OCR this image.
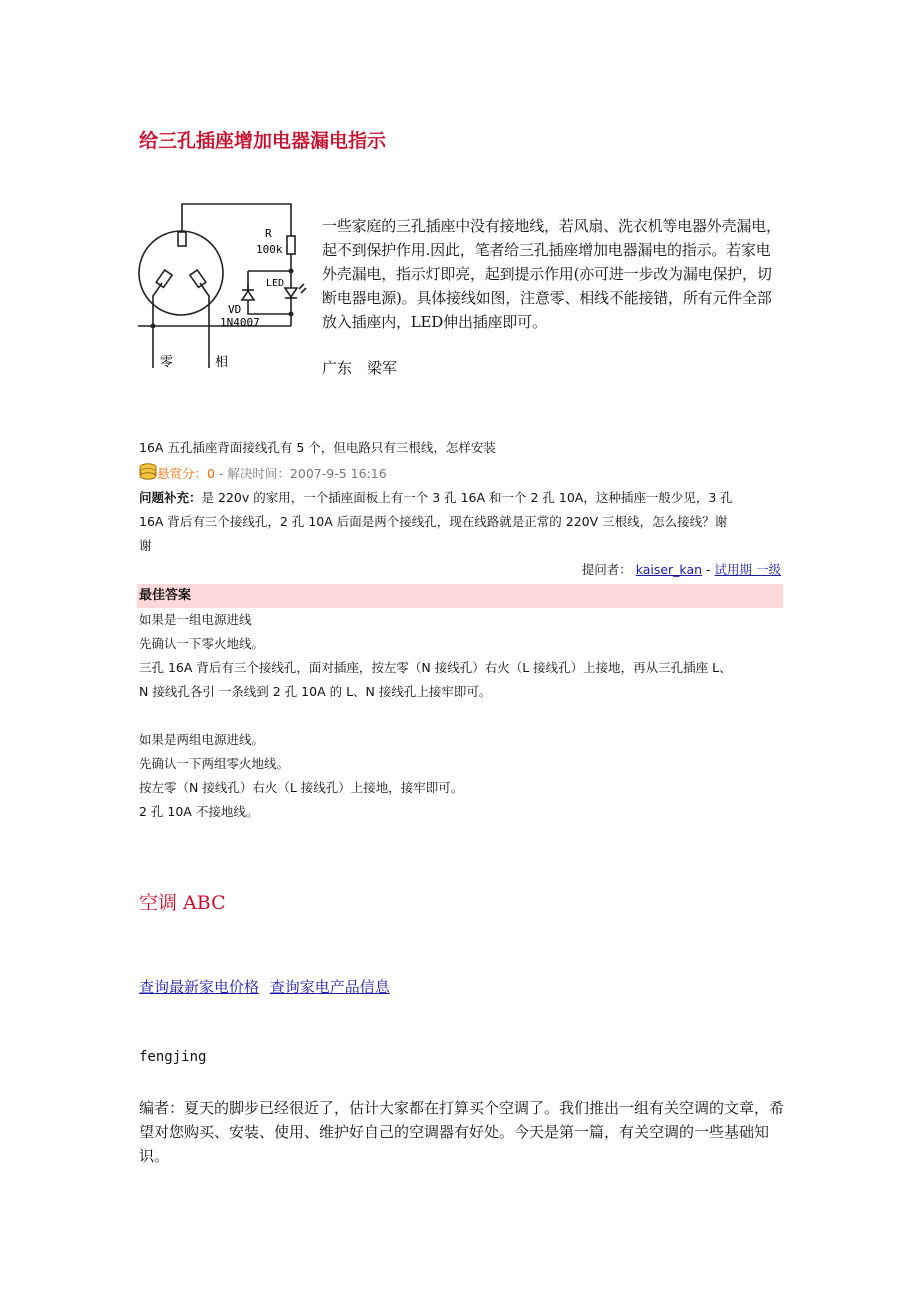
给三孔插座增加电器漏电指示
R
100k
LED
VD
1N4007
零	相
一些家庭的三孔插座中没有接地线，若风扇、洗衣机等电器外壳漏电，起不到保护作用.因此，笔者给三孔插座增加电器漏电的指示。若家电外壳漏电，指示灯即亮，起到提示作用(亦可进一步改为漏电保护，切断电器电源)。具体接线如图，注意零、相线不能接错，所有元件全部放入插座内，LED伸出插座即可。
广东　梁军
16A 五孔插座背面接线孔有 5 个，但电路只有三根线，怎样安装
悬赏分：0 - 解决时间：2007-9-5 16:16
问题补充：是 220v 的家用，一个插座面板上有一个 3 孔 16A 和一个 2 孔 10A，这种插座一般少见，3 孔
16A 背后有三个接线孔，2 孔 10A 后面是两个接线孔，现在线路就是正常的 220V 三根线，怎么接线？谢
谢
提问者： kaiser_kan - 试用期 一级
最佳答案

如果是一组电源进线

先确认一下零火地线。

三孔 16A 背后有三个接线孔，面对插座，按左零（N 接线孔）右火（L 接线孔）上接地，再从三孔插座 L、

N 接线孔各引 一条线到 2 孔 10A 的 L、N 接线孔上接牢即可。

如果是两组电源进线。

先确认一下两组零火地线。

按左零（N 接线孔）右火（L 接线孔）上接地，接牢即可。

2 孔 10A 不接地线。

空调 ABC
查询最新家电价格 查询家电产品信息
fengjing
编者：夏天的脚步已经很近了，估计大家都在打算买个空调了。我们推出一组有关空调的文章，希望对您购买、安装、使用、维护好自己的空调器有好处。今天是第一篇，有关空调的一些基础知识。
